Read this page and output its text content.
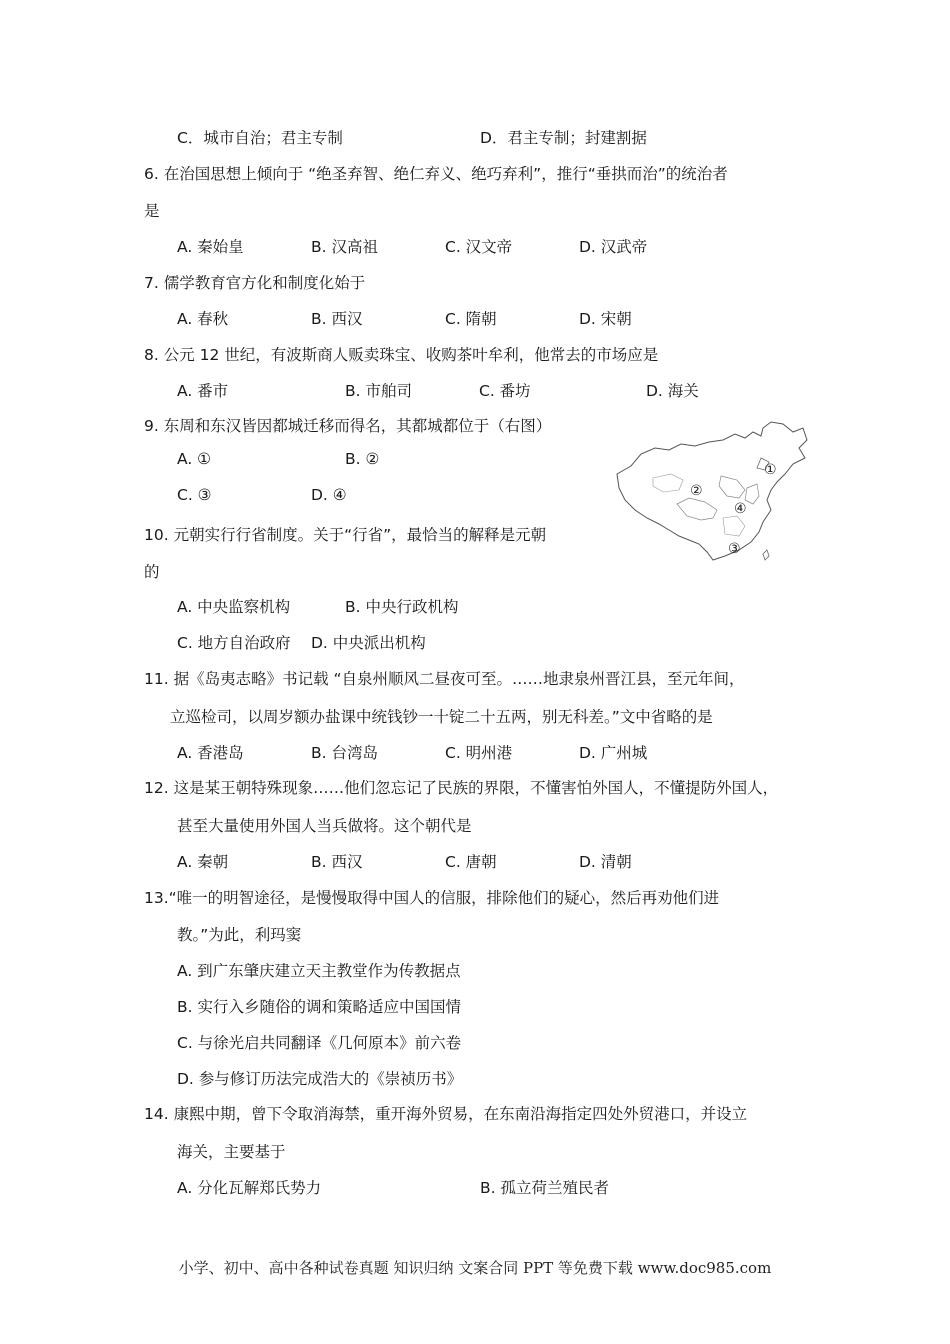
C．城市自治；君主专制	D．君主专制；封建割据
6. 在治国思想上倾向于 “绝圣弃智、绝仁弃义、绝巧弃利”，推行“垂拱而治”的统治者
是
A. 秦始皇	B. 汉高祖	C. 汉文帝	D. 汉武帝
7. 儒学教育官方化和制度化始于
A. 春秋	B. 西汉	C. 隋朝	D. 宋朝
8. 公元 12 世纪，有波斯商人贩卖珠宝、收购茶叶牟利，他常去的市场应是
A. 番市	B. 市舶司	C. 番坊	D. 海关
9. 东周和东汉皆因都城迁移而得名，其都城都位于（右图）
A. ①	B. ②
C. ③	D. ④
①
②
③
④
10. 元朝实行行省制度。关于“行省”，最恰当的解释是元朝
的
A. 中央监察机构	B. 中央行政机构
C. 地方自治政府 D. 中央派出机构
11. 据《岛夷志略》书记载 “自泉州顺风二昼夜可至。……地隶泉州晋江县，至元年间，
立巡检司，以周岁额办盐课中统钱钞一十锭二十五两，别无科差。”文中省略的是
A. 香港岛	B. 台湾岛	C. 明州港	D. 广州城
12. 这是某王朝特殊现象……他们忽忘记了民族的界限，不懂害怕外国人，不懂提防外国人，
甚至大量使用外国人当兵做将。这个朝代是
A. 秦朝	B. 西汉	C. 唐朝	D. 清朝
13.“唯一的明智途径，是慢慢取得中国人的信服，排除他们的疑心，然后再劝他们进
教。”为此，利玛窦
A. 到广东肇庆建立天主教堂作为传教据点
B. 实行入乡随俗的调和策略适应中国国情
C. 与徐光启共同翻译《几何原本》前六卷
D. 参与修订历法完成浩大的《崇祯历书》
14. 康熙中期，曾下令取消海禁，重开海外贸易，在东南沿海指定四处外贸港口，并设立
海关，主要基于
A. 分化瓦解郑氏势力	B. 孤立荷兰殖民者
小学、初中、高中各种试卷真题 知识归纳 文案合同 PPT 等免费下载 www.doc985.com
